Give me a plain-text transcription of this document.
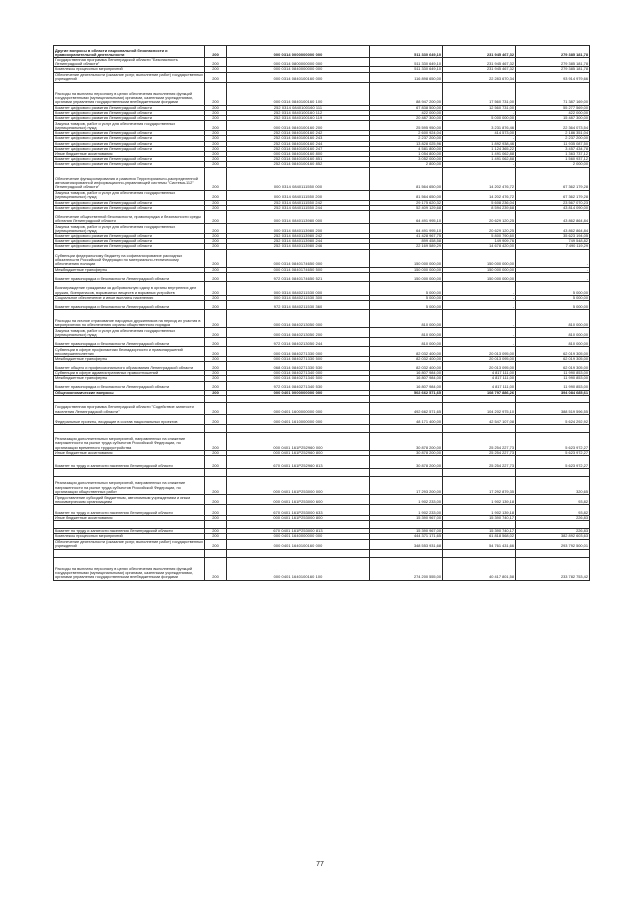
Другие вопросы в области национальной безопасности и правоохранительной деятельности	200	000 0314 0000000000 000	511 330 649,10	231 945 467,32	279 385 181,78
Государственная программа Ленинградской области "Безопасность Ленинградской области"	200	000 0314 0800000000 000	511 330 649,10	231 945 467,32	279 385 181,78
Комплексы процессных мероприятий	200	000 0314 0840000000 000	511 330 649,10	231 945 467,32	279 385 181,78
Обеспечение деятельности (оказание услуг, выполнение работ) государственных учреждений	200	000 0314 0840100160 000	116 898 650,00	22 283 670,34	93 914 979,66
Расходы на выплаты персоналу в целях обеспечения выполнения функций государственными (муниципальными) органами, казенными учреждениями, органами управления государственными внебюджетными фондами	200	000 0314 0840100160 100	88 947 200,00	17 560 731,00	71 387 169,00
Комитет цифрового развития Ленинградской области	200	252 0314 0840100160 111	67 838 500,00	12 560 731,00	55 277 569,00
Комитет цифрового развития Ленинградской области	200	252 0314 0840100160 112	422 000,00	-	422 000,00
Комитет цифрового развития Ленинградской области	200	252 0314 0840100160 119	20 487 300,00	5 000 000,00	15 487 300,00
Закупка товаров, работ и услуг для обеспечения государственных (муниципальных) нужд	200	000 0314 0840100160 200	25 595 950,00	3 231 876,46	22 364 073,54
Комитет цифрового развития Ленинградской области	200	252 0314 0840100160 242	2 600 924,04	414 573,00	2 186 351,04
Комитет цифрового развития Ленинградской области	200	252 0314 0840100160 243	2 237 200,00	-	2 237 200,00
Комитет цифрового развития Ленинградской области	200	252 0314 0840100160 244	13 828 025,96	1 892 938,46	11 935 087,50
Комитет цифрового развития Ленинградской области	200	252 0314 0840100160 247	4 581 800,00	1 124 365,22	3 457 434,78
Иные бюджетные ассигнования	200	000 0314 0840100160 800	1 054 800,00	1 491 062,88	1 363 737,12
Комитет цифрового развития Ленинградской области	200	252 0314 0840100160 851	3 052 000,00	1 491 062,88	1 560 937,12
Комитет цифрового развития Ленинградской области	200	252 0314 0840100160 852	2 800,00	-	2 000,00
Обеспечение функционирования и развития Территориально-распределенной автоматизированной информационно-управляющей системы "Система-112" Ленинградской области"	200	000 0314 0840111550 000	81 564 650,00	14 202 476,72	67 362 179,28
Закупка товаров, работ и услуг для обеспечения государственных (муниципальных) нужд	200	000 0314 0840111550 200	81 564 650,00	14 202 476,72	67 362 179,28
Комитет цифрового развития Ленинградской области	200	252 0314 0840111550 242	29 175 620,32	5 608 236,04	23 567 070,23
Комитет цифрового развития Ленинградской области	200	252 0314 0840111550 244	52 409 129,68	8 594 239,68	43 814 090,00
Обеспечение общественной безопасности, правопорядка и безопасности среды обитания Ленинградской области	200	000 0314 0840113980 000	64 491 995,10	20 629 120,25	43 862 864,84
Закупка товаров, работ и услуг для обеспечения государственных (муниципальных) нужд	200	000 0314 0840113980 200	64 491 995,10	20 629 120,25	43 862 864,84
Комитет цифрового развития Ленинградской области	200	252 0314 0840113980 242	41 428 967,75	5 800 790,60	35 623 194,05
Комитет цифрового развития Ленинградской области	200	252 0314 0840113980 244	899 458,58	149 909,76	749 548,82
Комитет цифрового развития Ленинградской области	200	252 0314 0840113980 246	22 169 589,29	14 678 420,00	7 490 119,29
Субвенции федеральному бюджету на софинансирование расходных обязательств Российской Федерации по материально-техническому обеспечению полиции	200	000 0314 0840174650 000	150 000 000,00	150 000 000,00	-
Межбюджетные трансферты	200	000 0314 0840174650 500	150 000 000,00	150 000 000,00	-
Комитет правопорядка и безопасности Ленинградской области	200	972 0314 0840174650 521	150 000 000,00	150 000 000,00	-
Вознаграждение гражданам за добровольную сдачу в органы внутренних дел оружия, боеприпасов, взрывчатых веществ и взрывных устройств	200	000 0314 0840211530 000	5 000,00	-	5 000,00
Социальное обеспечение и иные выплаты населению	200	000 0314 0840211530 300	5 000,00	-	5 000,00
Комитет правопорядка и безопасности Ленинградской области	200	972 0314 0840211530 360	5 000,00	-	5 000,00
Расходы на личное страхование народных дружинников на период их участия в мероприятиях по обеспечению охраны общественного порядка	200	000 0314 0840213050 000	810 000,00	-	810 000,00
Закупка товаров, работ и услуг для обеспечения государственных (муниципальных) нужд	200	000 0314 0840213050 200	810 000,00	-	810 000,00
Комитет правопорядка и безопасности Ленинградской области	200	972 0314 0840213050 244	810 000,00	-	810 000,00
Субвенции в сфере профилактики безнадзорности и правонарушений несовершеннолетних	200	000 0314 0840271330 000	82 032 400,00	20 013 095,00	62 019 305,00
Межбюджетные трансферты	200	000 0314 0840271330 500	82 032 400,00	20 013 095,00	62 019 305,00
Комитет общего и профессионального образования Ленинградской области	200	068 0314 0840271330 530	82 032 400,00	20 013 095,00	62 019 305,00
Субвенции в сфере административных правоотношений	200	000 0314 0840271340 000	16 807 984,00	4 817 111,00	11 990 853,00
Межбюджетные трансферты	200	000 0314 0840271340 500	16 807 984,00	4 817 111,00	11 990 853,00
Комитет правопорядка и безопасности Ленинградской области	200	972 0314 0840271340 530	16 807 984,00	4 817 111,00	11 990 853,00
Общеэкономические вопросы	200	000 0401 0000000000 000	502 662 571,65	108 797 886,26	394 084 685,61

Государственная программа Ленинградской области "Содействие занятости населения Ленинградской области"	200	000 0401 1600000000 000	492 662 571,65	104 202 975,10	388 519 596,55
Федеральные проекты, входящие в состав национальных проектов	200	000 0401 1610000000 000	48 171 400,00	42 547 107,08	5 624 292,92

Реализация дополнительных мероприятий, направленных на снижение напряженности на рынке труда субъектов Российской Федерации, по организации временного трудоустройства	200	000 0401 161P252960 000	30 878 200,00	25 254 227,73	5 623 972,27
Иные бюджетные ассигнования	200	000 0401 161P252960 800	30 878 200,00	25 254 227,73	5 623 972,27
Комитет по труду и занятости населения Ленинградской области	200	670 0401 161P252960 813	30 878 200,00	25 254 227,73	5 623 972,27

Реализация дополнительных мероприятий, направленных на снижение напряженности на рынке труда субъектов Российской Федерации, по организации общественных работ	200	000 0401 161P253000 000	17 293 200,00	17 292 879,35	320,65
Предоставление субсидий бюджетным, автономным учреждениям и иным некоммерческим организациям	200	000 0401 161P253000 600	1 902 233,00	1 902 139,18	93,82
Комитет по труду и занятости населения Ленинградской области	200	670 0401 161P253000 633	1 902 233,00	1 902 139,18	93,82
Иные бюджетные ассигнования	200	000 0401 161P253000 800	15 390 967,00	15 390 740,17	226,83

Комитет по труду и занятости населения Ленинградской области	200	670 0401 161P253000 813	15 390 967,00	15 390 740,17	226,83
Комплексы процессных мероприятий	200	000 0401 1640000000 000	444 371 171,65	61 818 568,02	382 892 603,63
Обеспечение деятельности (оказание услуг, выполнение работ) государственных учреждений	200	000 0401 1640100160 000	348 553 931,68	54 761 431,66	293 792 500,01

Расходы на выплаты персоналу в целях обеспечения выполнения функций государственными (муниципальными) органами, казенными учреждениями, органами управления государственными внебюджетными фондами	200	000 0401 1640100160 100	274 200 555,00	40 417 801,58	233 782 753,42
77
